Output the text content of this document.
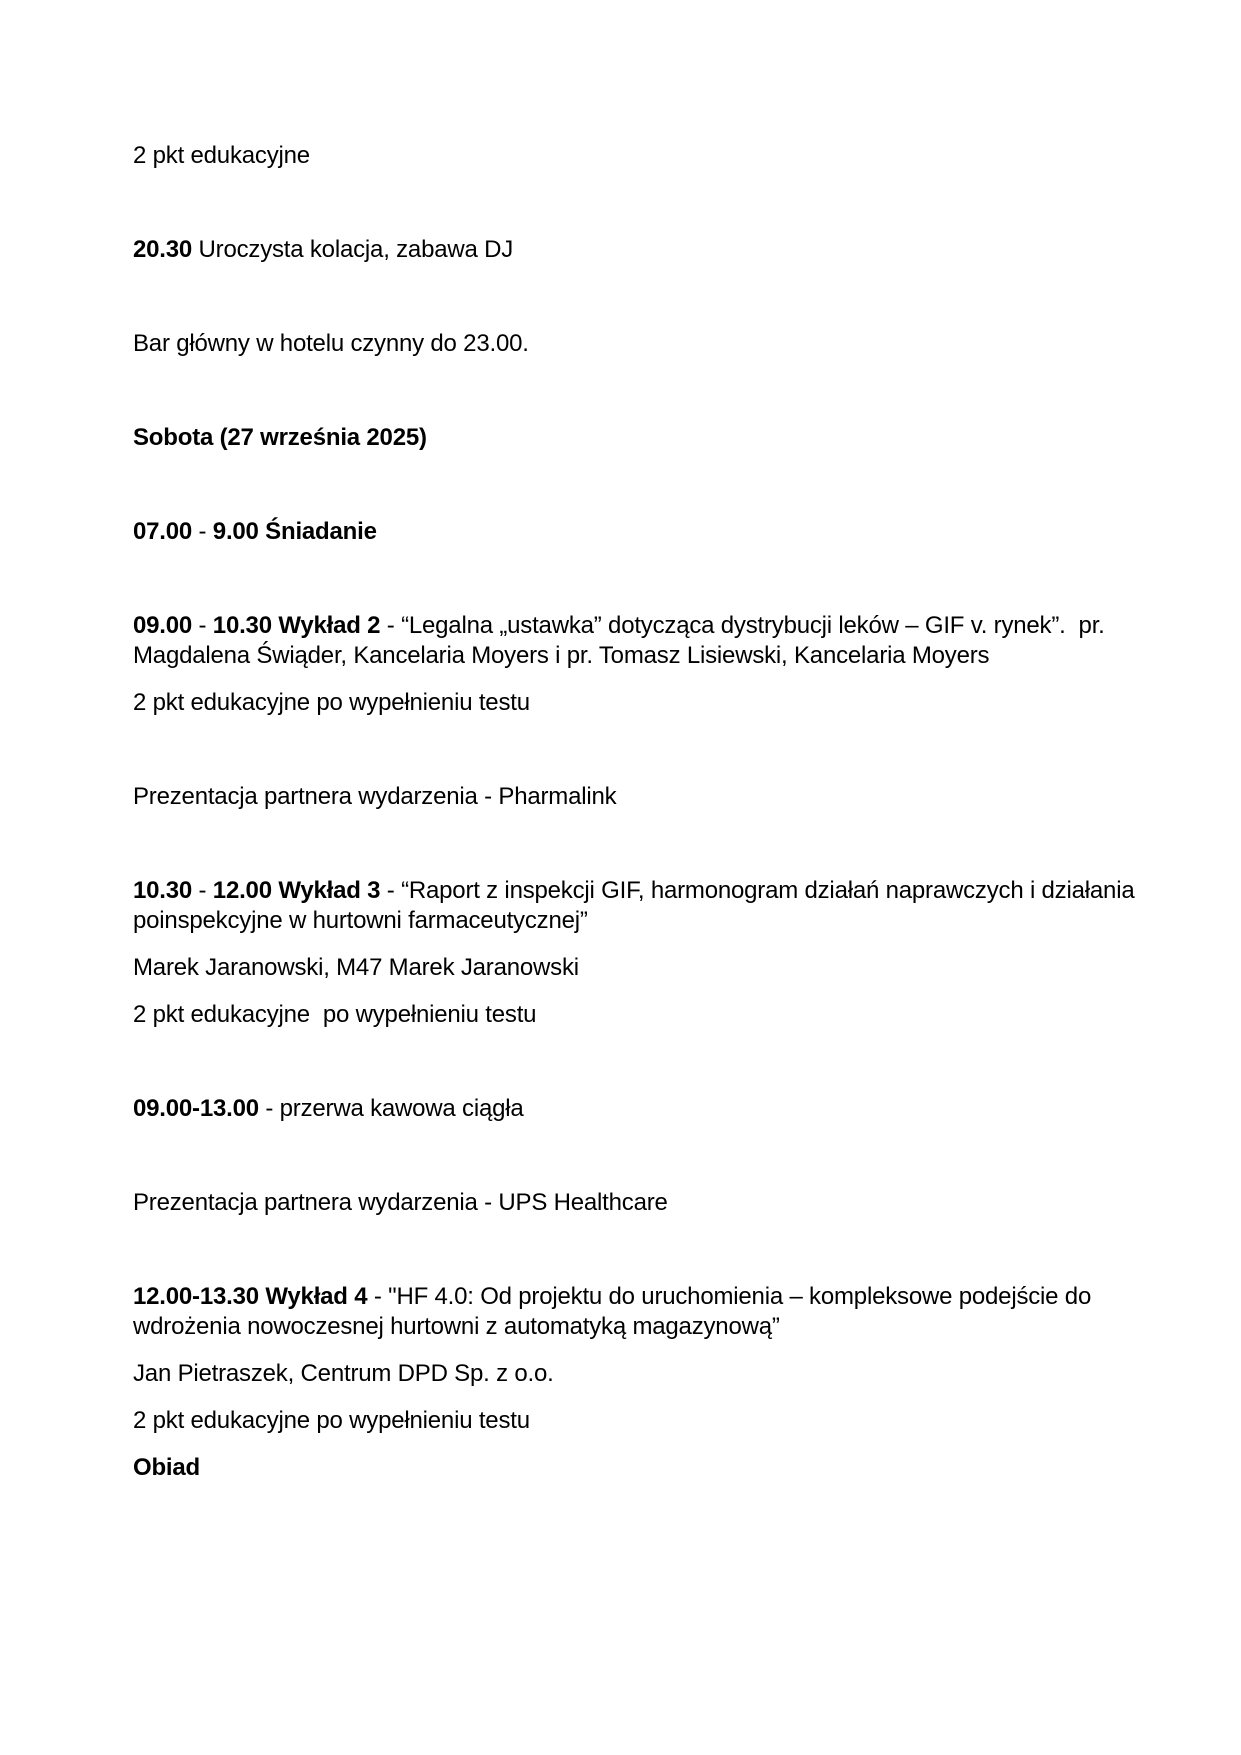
2 pkt edukacyjne

20.30 Uroczysta kolacja, zabawa DJ

Bar główny w hotelu czynny do 23.00.

Sobota (27 września 2025)

07.00 - 9.00 Śniadanie

09.00 - 10.30 Wykład 2 - “Legalna „ustawka” dotycząca dystrybucji leków – GIF v. rynek”.  pr.
Magdalena Świąder, Kancelaria Moyers i pr. Tomasz Lisiewski, Kancelaria Moyers

2 pkt edukacyjne po wypełnieniu testu

Prezentacja partnera wydarzenia - Pharmalink

10.30 - 12.00 Wykład 3 - “Raport z inspekcji GIF, harmonogram działań naprawczych i działania
poinspekcyjne w hurtowni farmaceutycznej”

Marek Jaranowski, M47 Marek Jaranowski

2 pkt edukacyjne  po wypełnieniu testu

09.00-13.00 - przerwa kawowa ciągła

Prezentacja partnera wydarzenia - UPS Healthcare

12.00-13.30 Wykład 4 - "HF 4.0: Od projektu do uruchomienia – kompleksowe podejście do
wdrożenia nowoczesnej hurtowni z automatyką magazynową”

Jan Pietraszek, Centrum DPD Sp. z o.o.

2 pkt edukacyjne po wypełnieniu testu

Obiad
